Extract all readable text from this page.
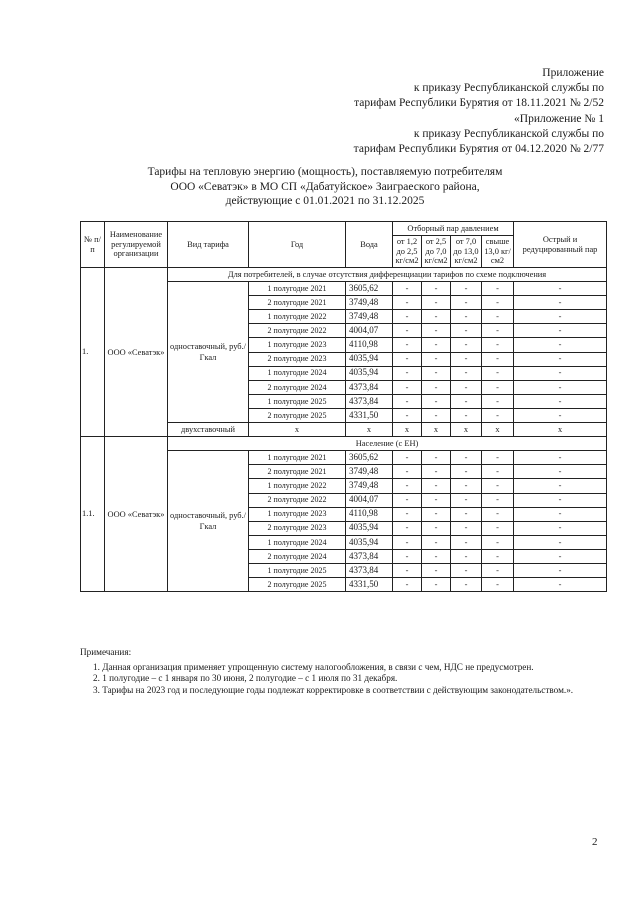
Приложение
к приказу Республиканской службы по
тарифам Республики Бурятия от 18.11.2021 № 2/52
«Приложение № 1
к приказу Республиканской службы по
тарифам Республики Бурятия от 04.12.2020 № 2/77
Тарифы на тепловую энергию (мощность), поставляемую потребителям
ООО «Севатэк» в МО СП «Дабатуйское» Заиграеского района,
действующие с 01.01.2021 по 31.12.2025
№ п/п	Наименование регулируемой организации	Вид тарифа	Год	Вода	Отборный пар давлением				Острый и редуцированный пар
					от 1,2 до 2,5 кг/см2	от 2,5 до 7,0 кг/см2	от 7,0 до 13,0 кг/см2	свыше 13,0 кг/см2	
1.	ООО «Севатэк»	Для потребителей, в случае отсутствия дифференциации тарифов по схеме подключения							
		одноставочный, руб./Гкал	1 полугодие 2021	3605,62	-	-	-	-	-
			2 полугодие 2021	3749,48	-	-	-	-	-
			1 полугодие 2022	3749,48	-	-	-	-	-
			2 полугодие 2022	4004,07	-	-	-	-	-
			1 полугодие 2023	4110,98	-	-	-	-	-
			2 полугодие 2023	4035,94	-	-	-	-	-
			1 полугодие 2024	4035,94	-	-	-	-	-
			2 полугодие 2024	4373,84	-	-	-	-	-
			1 полугодие 2025	4373,84	-	-	-	-	-
			2 полугодие 2025	4331,50	-	-	-	-	-
		двухставочный	х	х	х	х	х	х	х
1.1.	ООО «Севатэк»	Население (с ЕН)							
		одноставочный, руб./Гкал	1 полугодие 2021	3605,62	-	-	-	-	-
			2 полугодие 2021	3749,48	-	-	-	-	-
			1 полугодие 2022	3749,48	-	-	-	-	-
			2 полугодие 2022	4004,07	-	-	-	-	-
			1 полугодие 2023	4110,98	-	-	-	-	-
			2 полугодие 2023	4035,94	-	-	-	-	-
			1 полугодие 2024	4035,94	-	-	-	-	-
			2 полугодие 2024	4373,84	-	-	-	-	-
			1 полугодие 2025	4373,84	-	-	-	-	-
			2 полугодие 2025	4331,50	-	-	-	-	-

Примечания:

1. Данная организация применяет упрощенную систему налогообложения, в связи с чем, НДС не предусмотрен.

2. 1 полугодие – с 1 января по 30 июня, 2 полугодие – с 1 июля по 31 декабря.

3. Тарифы на 2023 год и последующие годы подлежат корректировке в соответствии с действующим законодательством.».

2
